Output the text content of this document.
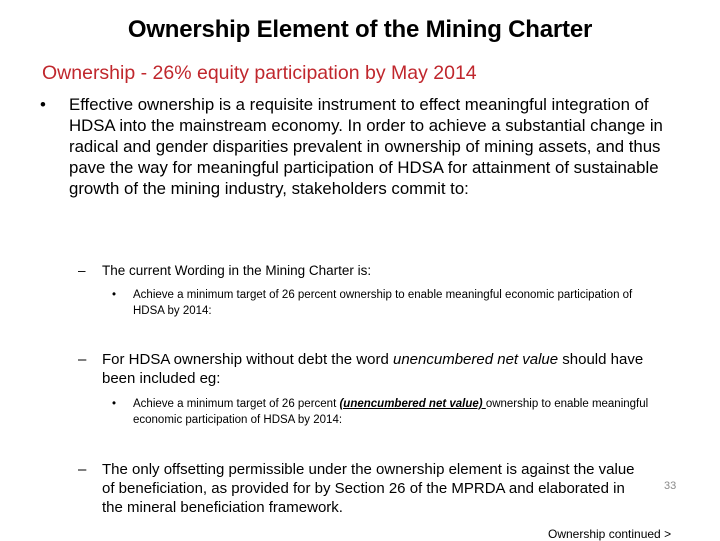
Ownership Element of the Mining Charter
Ownership - 26% equity participation by May 2014
•	Effective ownership is a requisite instrument to effect meaningful integration of HDSA into the mainstream economy. In order to achieve a substantial change in radical and gender disparities prevalent in ownership of mining assets, and thus pave the way for meaningful participation of HDSA for attainment of sustainable growth of the mining industry, stakeholders commit to:
–	The current Wording in the Mining Charter is:
•	Achieve a minimum target of 26 percent ownership to enable meaningful economic participation of HDSA by 2014:
–	For HDSA ownership without debt the word unencumbered net value should have been included eg:
•	Achieve a minimum target of 26 percent (unencumbered net value) ownership to enable meaningful economic participation of HDSA by 2014:
–	The only offsetting permissible under the ownership element is against the value of beneficiation, as provided for by Section 26 of the MPRDA and elaborated in the mineral beneficiation framework.
33
Ownership continued >
